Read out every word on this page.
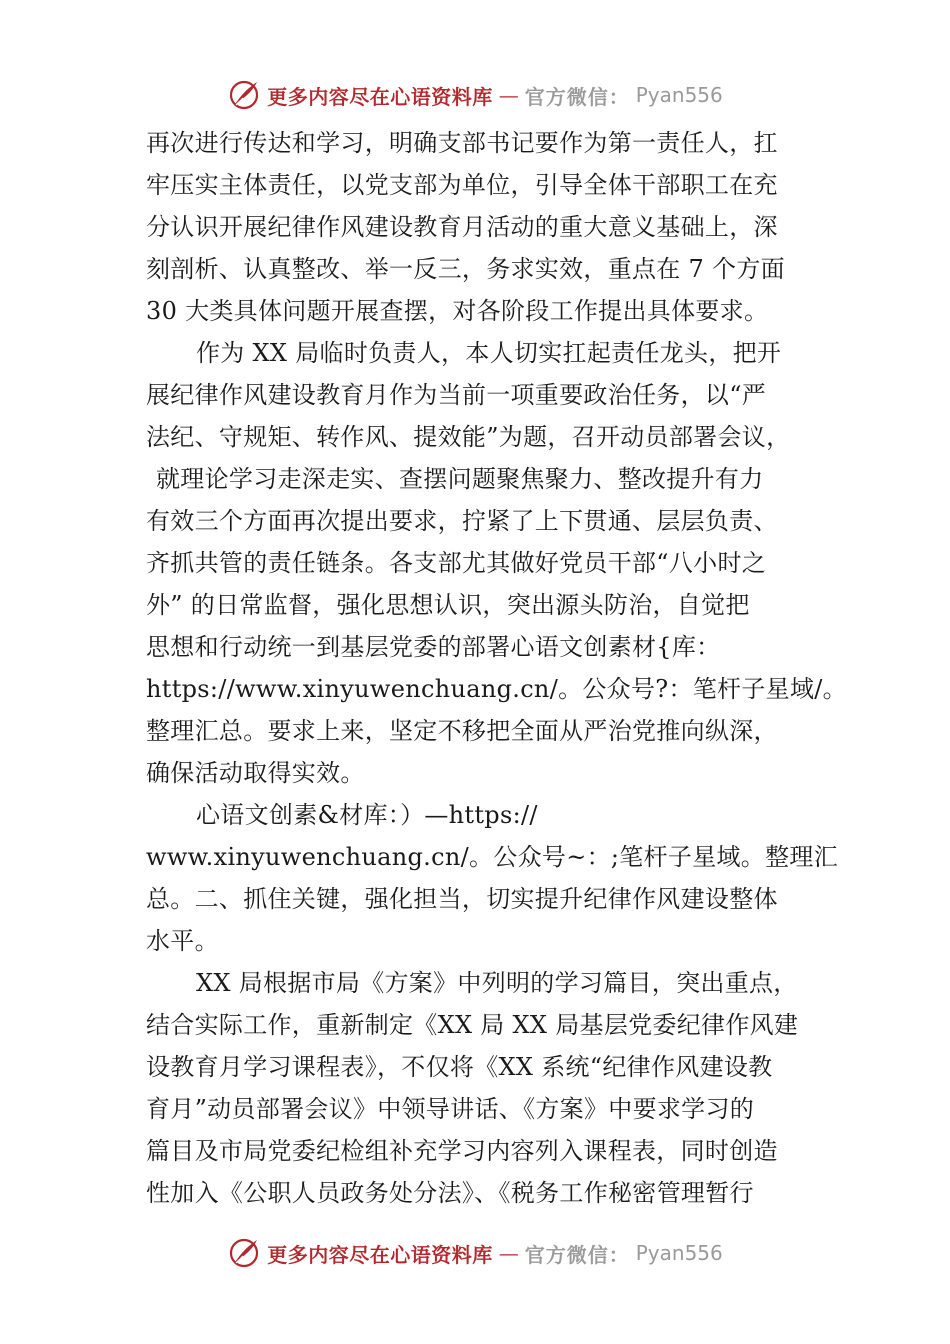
更多内容尽在心语资料库 — 官方微信： Pyan556
再次进行传达和学习，明确支部书记要作为第一责任人，扛
牢压实主体责任，以党支部为单位，引导全体干部职工在充
分认识开展纪律作风建设教育月活动的重大意义基础上，深
刻剖析、认真整改、举一反三，务求实效，重点在 7 个方面
30 大类具体问题开展查摆，对各阶段工作提出具体要求。
作为 XX 局临时负责人，本人切实扛起责任龙头，把开
展纪律作风建设教育月作为当前一项重要政治任务，以“严
法纪、守规矩、转作风、提效能”为题，召开动员部署会议，
就理论学习走深走实、查摆问题聚焦聚力、整改提升有力
有效三个方面再次提出要求，拧紧了上下贯通、层层负责、
齐抓共管的责任链条。各支部尤其做好党员干部“八小时之
外” 的日常监督，强化思想认识，突出源头防治，自觉把
思想和行动统一到基层党委的部署心语文创素材{库：
https://www.xinyuwenchuang.cn/。公众号?：笔杆子星域/。
整理汇总。要求上来，坚定不移把全面从严治党推向纵深，
确保活动取得实效。
心语文创素&材库：）—https://
www.xinyuwenchuang.cn/。公众号~：;笔杆子星域。整理汇
总。二、抓住关键，强化担当，切实提升纪律作风建设整体
水平。
XX 局根据市局《方案》中列明的学习篇目，突出重点，
结合实际工作，重新制定《XX 局 XX 局基层党委纪律作风建
设教育月学习课程表》，不仅将《XX 系统“纪律作风建设教
育月”动员部署会议》中领导讲话、《方案》中要求学习的
篇目及市局党委纪检组补充学习内容列入课程表，同时创造
性加入《公职人员政务处分法》、《税务工作秘密管理暂行
更多内容尽在心语资料库 — 官方微信： Pyan556
